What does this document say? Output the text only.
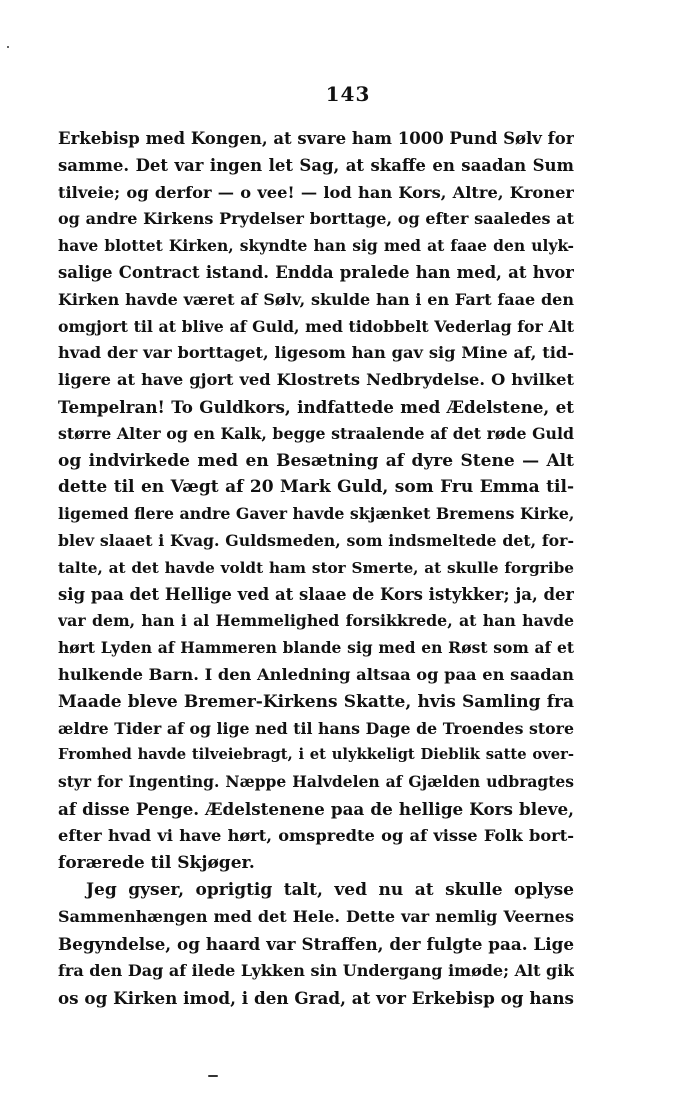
143
Erkebisp med Kongen, at svare ham 1000 Pund Sølv for
samme. Det var ingen let Sag, at skaffe en saadan Sum
tilveie; og derfor — o vee! — lod han Kors, Altre, Kroner
og andre Kirkens Prydelser borttage, og efter saaledes at
have blottet Kirken, skyndte han sig med at faae den ulyk-
salige Contract istand. Endda pralede han med, at hvor
Kirken havde været af Sølv, skulde han i en Fart faae den
omgjort til at blive af Guld, med tidobbelt Vederlag for Alt
hvad der var borttaget, ligesom han gav sig Mine af, tid-
ligere at have gjort ved Klostrets Nedbrydelse. O hvilket
Tempelran! To Guldkors, indfattede med Ædelstene, et
større Alter og en Kalk, begge straalende af det røde Guld
og indvirkede med en Besætning af dyre Stene — Alt
dette til en Vægt af 20 Mark Guld, som Fru Emma til-
ligemed flere andre Gaver havde skjænket Bremens Kirke,
blev slaaet i Kvag. Guldsmeden, som indsmeltede det, for-
talte, at det havde voldt ham stor Smerte, at skulle forgribe
sig paa det Hellige ved at slaae de Kors istykker; ja, der
var dem, han i al Hemmelighed forsikkrede, at han havde
hørt Lyden af Hammeren blande sig med en Røst som af et
hulkende Barn. I den Anledning altsaa og paa en saadan
Maade bleve Bremer-Kirkens Skatte, hvis Samling fra
ældre Tider af og lige ned til hans Dage de Troendes store
Fromhed havde tilveiebragt, i et ulykkeligt Dieblik satte over-
styr for Ingenting. Næppe Halvdelen af Gjælden udbragtes
af disse Penge. Ædelstenene paa de hellige Kors bleve,
efter hvad vi have hørt, omspredte og af visse Folk bort-
forærede til Skjøger.
Jeg gyser, oprigtig talt, ved nu at skulle oplyse
Sammenhængen med det Hele. Dette var nemlig Veernes
Begyndelse, og haard var Straffen, der fulgte paa. Lige
fra den Dag af ilede Lykken sin Undergang imøde; Alt gik
os og Kirken imod, i den Grad, at vor Erkebisp og hans
